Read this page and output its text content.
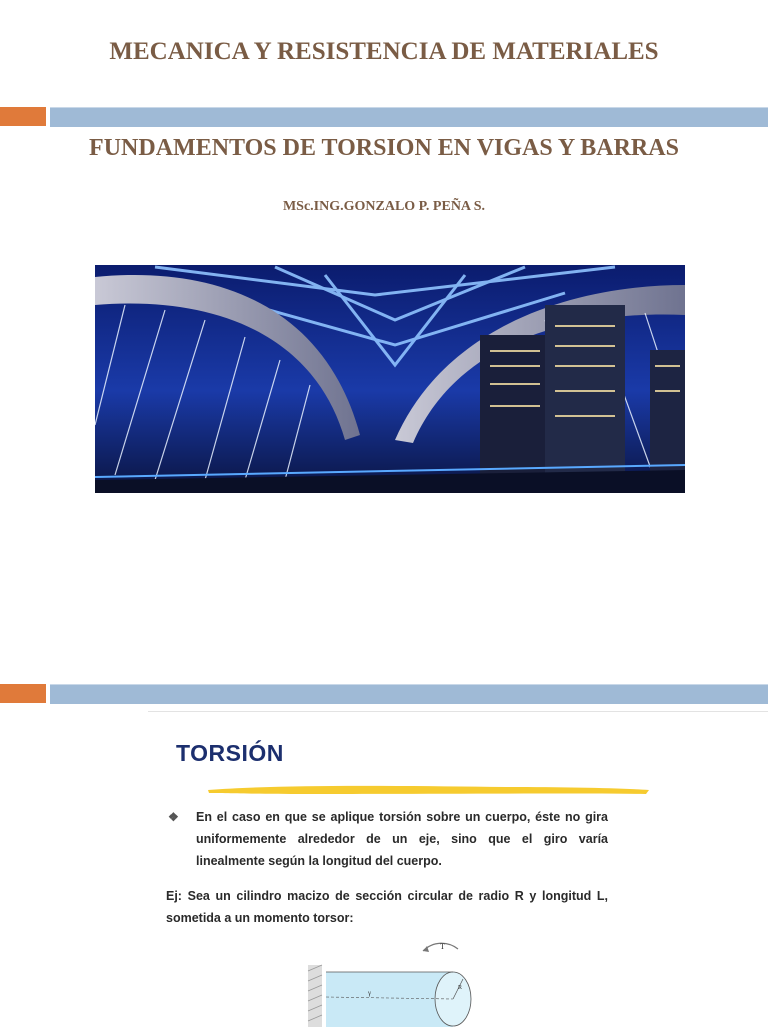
MECANICA Y RESISTENCIA DE MATERIALES
FUNDAMENTOS DE TORSION EN VIGAS Y BARRAS
MSc.ING.GONZALO P. PEÑA S.
TORSIÓN

❖ En el caso en que se aplique torsión sobre un cuerpo, éste no gira uniformemente alrededor de un eje, sino que el giro varía linealmente según la longitud del cuerpo.

Ej: Sea un cilindro macizo de sección circular de radio R y longitud L, sometida a un momento torsor:

T
R
γ
